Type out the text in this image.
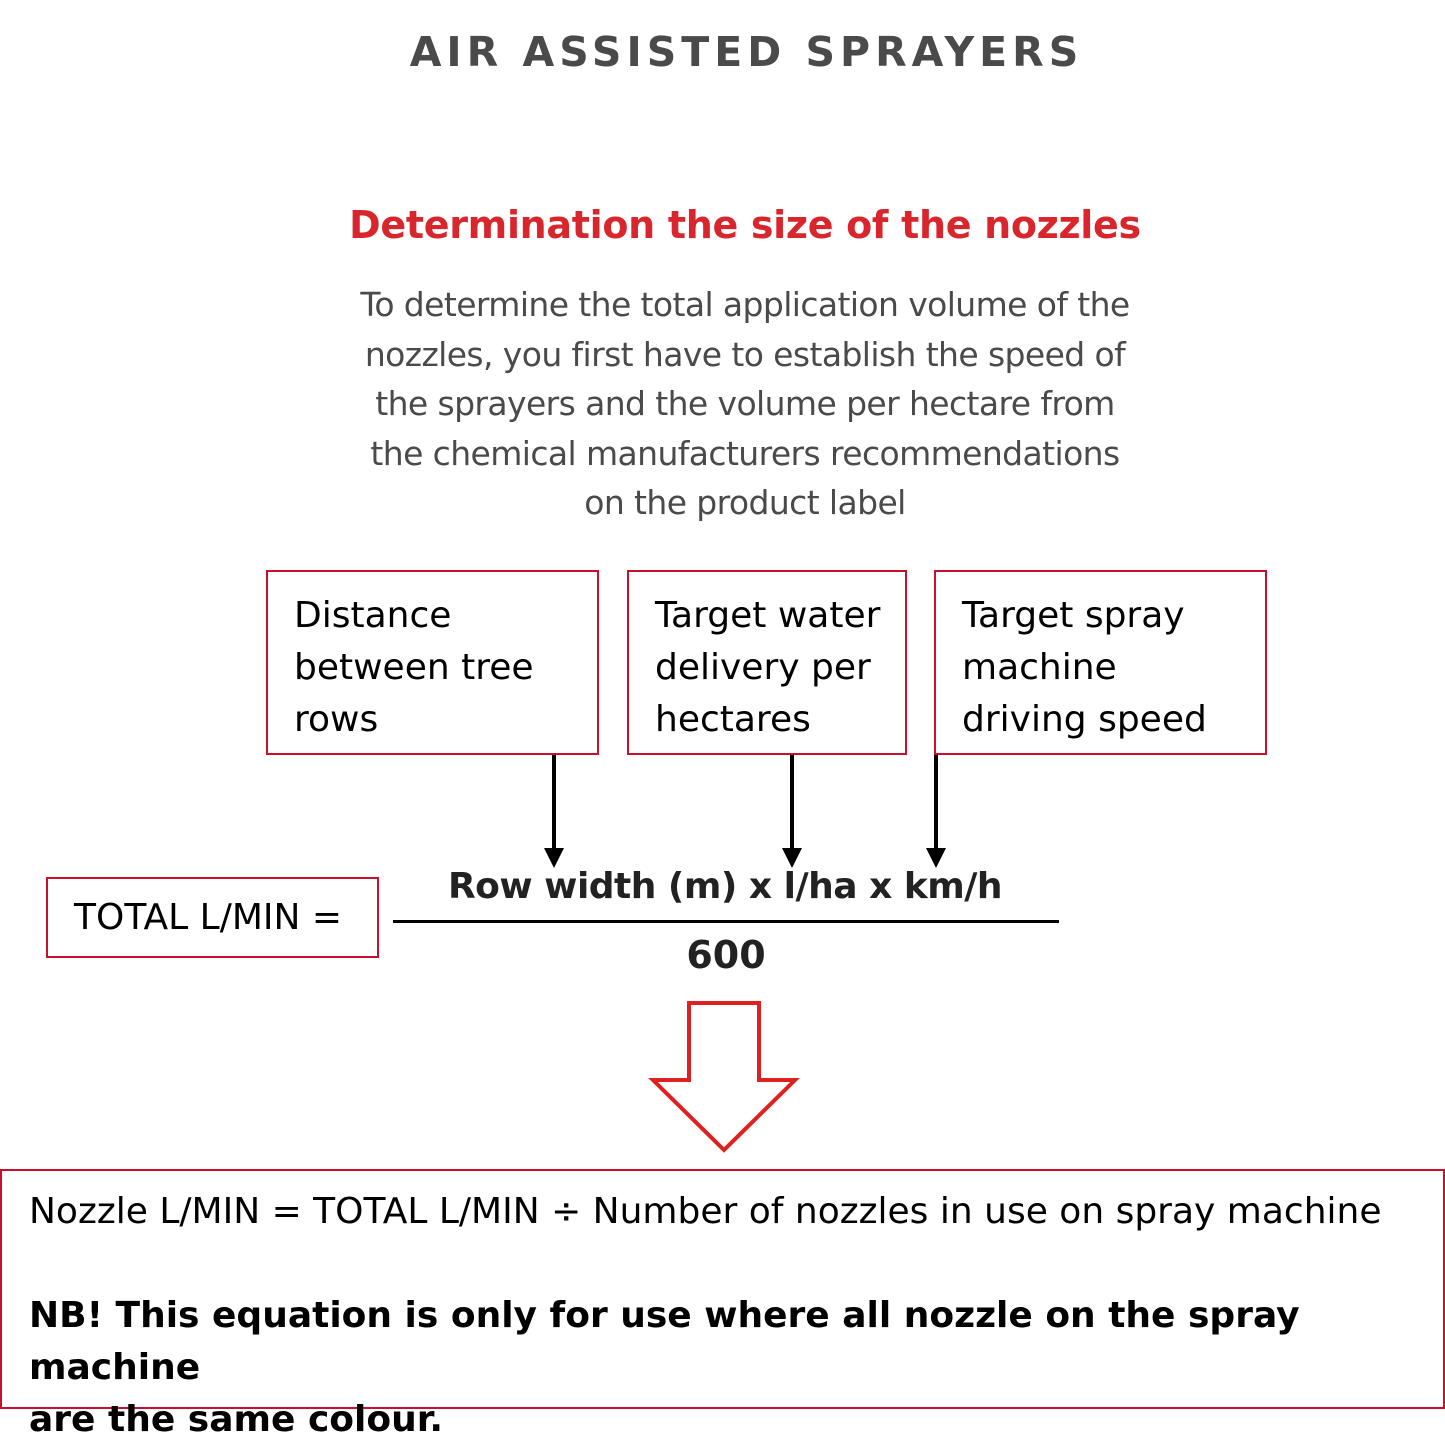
AIR ASSISTED SPRAYERS
Determination the size of the nozzles
To determine the total application volume of the
nozzles, you first have to establish the speed of
the sprayers and the volume per hectare from
the chemical manufacturers recommendations
on the product label
Distance
between tree
rows
Target water
delivery per
hectares
Target spray
machine
driving speed
TOTAL L/MIN =
Row width (m) x l/ha x km/h
600
Nozzle L/MIN = TOTAL L/MIN ÷ Number of nozzles in use on spray machine
NB! This equation is only for use where all nozzle on the spray machine
are the same colour.
